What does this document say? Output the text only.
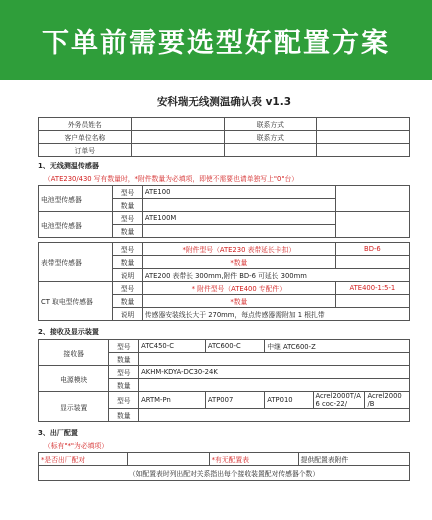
下单前需要选型好配置方案
安科瑞无线测温确认表 v1.3
外务员姓名		联系方式	
客户单位名称		联系方式	
订单号			
1、无线测温传感器
（ATE230/430 写有数量时，*附件数量为必填项，即使不需要也请单独写上"0"台）
电池型传感器	型号	ATE100	
	数量		
电池型传感器	型号	ATE100M	
	数量		
表带型传感器	型号	*附件型号（ATE230 表带延长卡扣）	BD-6
	数量	*数量	
	说明	ATE200 表带长 300mm,附件 BD-6 可延长 300mm	
CT 取电型传感器	型号	* 附件型号（ATE400 专配件）	ATE400-1:5-1
	数量	*数量	
	说明	传感器安装线长大于 270mm，每点传感器需附加 1 根扎带	
2、接收及显示装置
接收器	型号	ATC450-C	ATC600-C	中继 ATC600-Z		
	数量					
电源模块	型号	AKHM-KDYA-DC30-24K				
	数量					
显示装置	型号	ARTM-Pn	ATP007	ATP010	Acrel2000T/A 6 coc-22/	Acrel2000 /B
	数量					
3、出厂配置
（标有"*"为必填项）
*是否出厂配对		*有无配置表	提供配置表附件
（如配置表时列出配对关系指出每个接收装置配对传感器个数）
